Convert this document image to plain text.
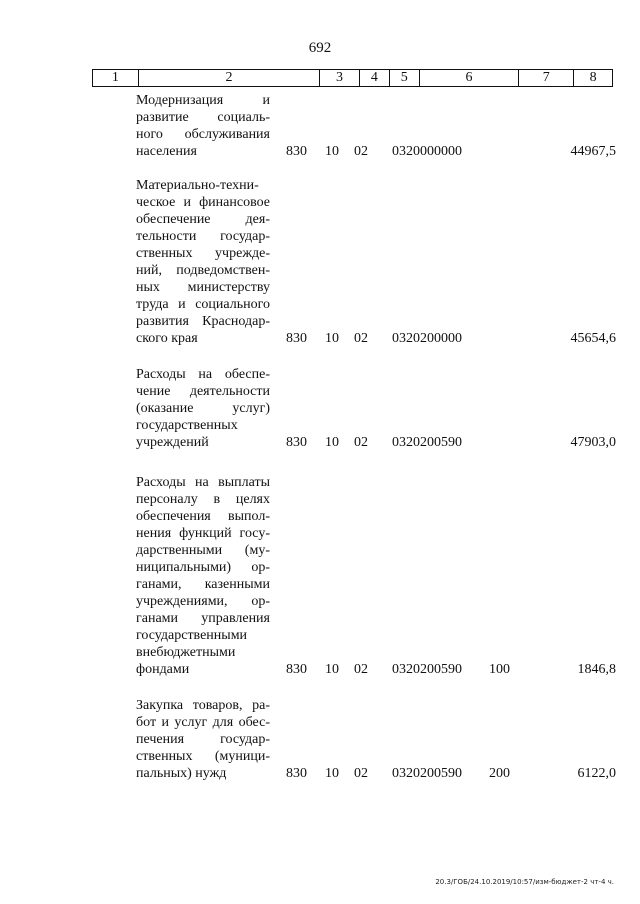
692
1	2	3	4	5	6	7	8
Модернизация и
развитие социаль-
ного обслуживания
населения	830 10 02 0320000000	44967,5
Материально-техни-
ческое и финансовое
обеспечение дея-
тельности государ-
ственных учрежде-
ний, подведомствен-
ных министерству
труда и социального
развития Краснодар-
ского края	830 10 02 0320200000	45654,6
Расходы на обеспе-
чение деятельности
(оказание услуг)
государственных
учреждений	830 10 02 0320200590	47903,0
Расходы на выплаты
персоналу в целях
обеспечения выпол-
нения функций госу-
дарственными (му-
ниципальными) ор-
ганами, казенными
учреждениями, ор-
ганами управления
государственными
внебюджетными
фондами	830 10 02 0320200590 100	1846,8
Закупка товаров, ра-
бот и услуг для обес-
печения государ-
ственных (муници-
пальных) нужд	830 10 02 0320200590 200	6122,0
20.3/ГОБ/24.10.2019/10:57/изм-бюджет-2 чт-4 ч.
